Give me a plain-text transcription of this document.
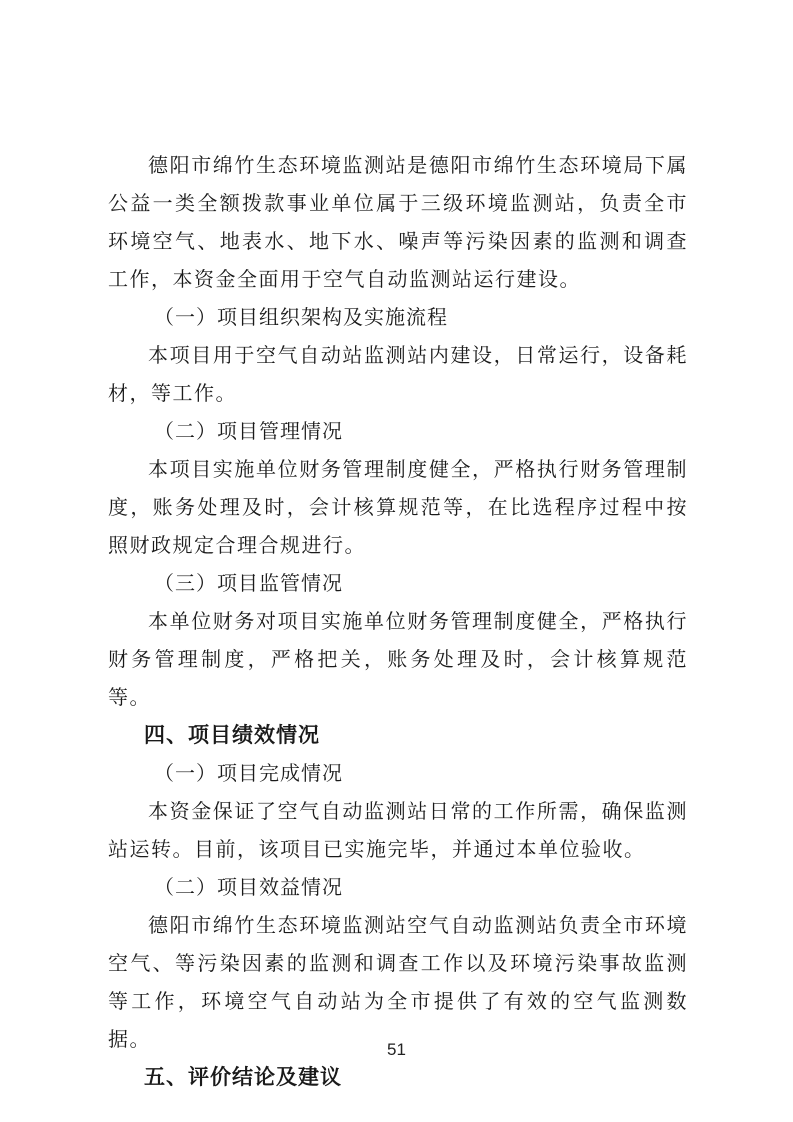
德阳市绵竹生态环境监测站是德阳市绵竹生态环境局下属公益一类全额拨款事业单位属于三级环境监测站，负责全市环境空气、地表水、地下水、噪声等污染因素的监测和调查工作，本资金全面用于空气自动监测站运行建设。

（一）项目组织架构及实施流程

本项目用于空气自动站监测站内建设，日常运行，设备耗材，等工作。

（二）项目管理情况

本项目实施单位财务管理制度健全，严格执行财务管理制度，账务处理及时，会计核算规范等，在比选程序过程中按照财政规定合理合规进行。

（三）项目监管情况

本单位财务对项目实施单位财务管理制度健全，严格执行财务管理制度，严格把关，账务处理及时，会计核算规范等。

四、项目绩效情况

（一）项目完成情况

本资金保证了空气自动监测站日常的工作所需，确保监测站运转。目前，该项目已实施完毕，并通过本单位验收。

（二）项目效益情况

德阳市绵竹生态环境监测站空气自动监测站负责全市环境空气、等污染因素的监测和调查工作以及环境污染事故监测等工作，环境空气自动站为全市提供了有效的空气监测数据。

五、评价结论及建议

51
